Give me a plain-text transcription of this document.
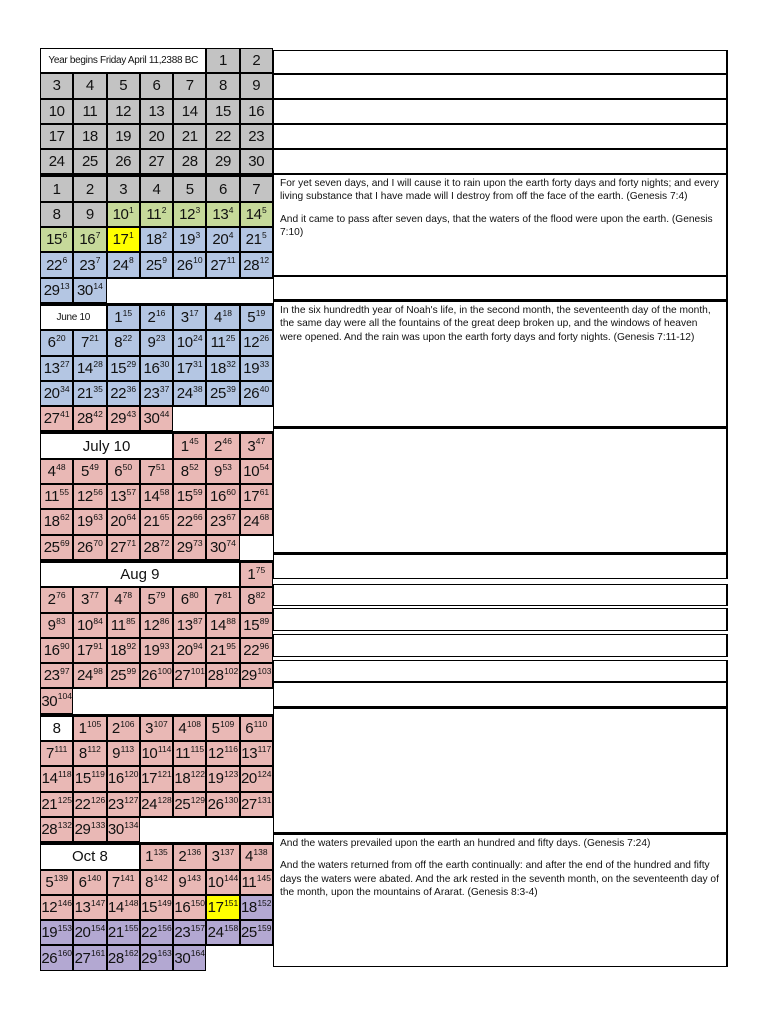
Year begins Friday April 11,2388 BC	1 2
3 4 5 6 7 8 9
10 11 12 13 14 15 16
17 18 19 20 21 22 23
24 25 26 27 28 29 30
1 2 3 4 5 6 7
8 9 $10^1$ $11^2$ $12^3$ $13^4$ $14^5$
$15^6$ $16^7$ $17^1$ $18^2$ $19^3$ $20^4$ $21^5$
$22^6$ $23^7$ $24^8$ $25^9$ $26^{10}$ $27^{11}$ $28^{12}$
$29^{13}$ $30^{14}$
June 10	$1^{15}$ $2^{16}$ $3^{17}$ $4^{18}$ $5^{19}$
$6^{20}$ $7^{21}$ $8^{22}$ $9^{23}$ $10^{24}$ $11^{25}$ $12^{26}$
$13^{27}$ $14^{28}$ $15^{29}$ $16^{30}$ $17^{31}$ $18^{32}$ $19^{33}$
$20^{34}$ $21^{35}$ $22^{36}$ $23^{37}$ $24^{38}$ $25^{39}$ $26^{40}$
$27^{41}$ $28^{42}$ $29^{43}$ $30^{44}$
July 10	$1^{45}$ $2^{46}$ $3^{47}$
$4^{48}$ $5^{49}$ $6^{50}$ $7^{51}$ $8^{52}$ $9^{53}$ $10^{54}$
$11^{55}$ $12^{56}$ $13^{57}$ $14^{58}$ $15^{59}$ $16^{60}$ $17^{61}$
$18^{62}$ $19^{63}$ $20^{64}$ $21^{65}$ $22^{66}$ $23^{67}$ $24^{68}$
$25^{69}$ $26^{70}$ $27^{71}$ $28^{72}$ $29^{73}$ $30^{74}$
Aug 9	$1^{75}$
$2^{76}$ $3^{77}$ $4^{78}$ $5^{79}$ $6^{80}$ $7^{81}$ $8^{82}$
$9^{83}$ $10^{84}$ $11^{85}$ $12^{86}$ $13^{87}$ $14^{88}$ $15^{89}$
$16^{90}$ $17^{91}$ $18^{92}$ $19^{93}$ $20^{94}$ $21^{95}$ $22^{96}$
$23^{97}$ $24^{98}$ $25^{99}$ $26^{100}$ $27^{101}$ $28^{102}$ $29^{103}$
$30^{104}$
8 $1^{105}$ $2^{106}$ $3^{107}$ $4^{108}$ $5^{109}$ $6^{110}$
$7^{111}$ $8^{112}$ $9^{113}$ $10^{114}$ $11^{115}$ $12^{116}$ $13^{117}$
$14^{118}$ $15^{119}$ $16^{120}$ $17^{121}$ $18^{122}$ $19^{123}$ $20^{124}$
$21^{125}$ $22^{126}$ $23^{127}$ $24^{128}$ $25^{129}$ $26^{130}$ $27^{131}$
$28^{132}$ $29^{133}$ $30^{134}$
Oct 8	$1^{135}$ $2^{136}$ $3^{137}$ $4^{138}$
$5^{139}$ $6^{140}$ $7^{141}$ $8^{142}$ $9^{143}$ $10^{144}$ $11^{145}$
$12^{146}$ $13^{147}$ $14^{148}$ $15^{149}$ $16^{150}$ $17^{151}$ $18^{152}$
$19^{153}$ $20^{154}$ $21^{155}$ $22^{156}$ $23^{157}$ $24^{158}$ $25^{159}$
$26^{160}$ $27^{161}$ $28^{162}$ $29^{163}$ $30^{164}$

For yet seven days, and I will cause it to rain upon the earth forty days and forty nights; and every living substance that I have made will I destroy from off the face of the earth. (Genesis 7:4)

And it came to pass after seven days, that the waters of the flood were upon the earth. (Genesis 7:10)

In the six hundredth year of Noah's life, in the second month, the seventeenth day of the month, the same day were all the fountains of the great deep broken up, and the windows of heaven were opened. And the rain was upon the earth forty days and forty nights. (Genesis 7:11-12)

And the waters prevailed upon the earth an hundred and fifty days. (Genesis 7:24)

And the waters returned from off the earth continually: and after the end of the hundred and fifty days the waters were abated. And the ark rested in the seventh month, on the seventeenth day of the month, upon the mountains of Ararat. (Genesis 8:3-4)
